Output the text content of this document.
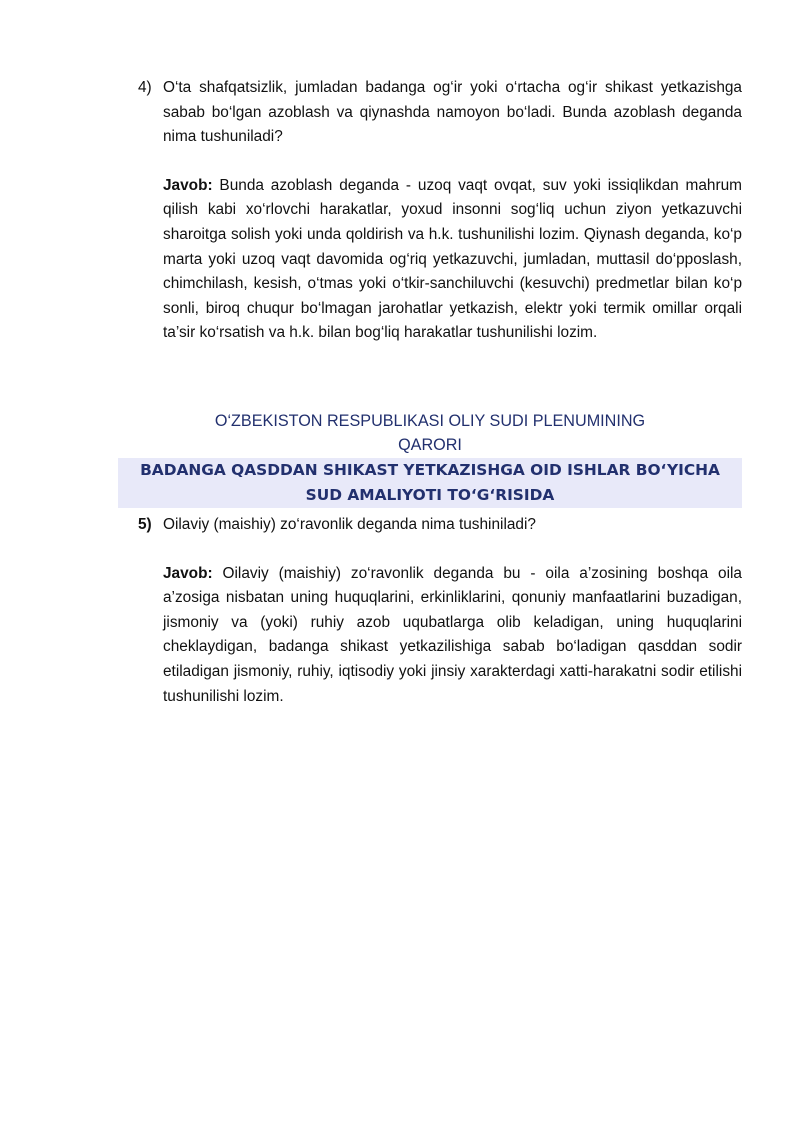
4) O‘ta shafqatsizlik, jumladan badanga og‘ir yoki o‘rtacha og‘ir shikast yetkazishga sabab bo‘lgan azoblash va qiynashda namoyon bo‘ladi. Bunda azoblash deganda nima tushuniladi?
Javob: Bunda azoblash deganda - uzoq vaqt ovqat, suv yoki issiqlikdan mahrum qilish kabi xo‘rlovchi harakatlar, yoxud insonni sog‘liq uchun ziyon yetkazuvchi sharoitga solish yoki unda qoldirish va h.k. tushunilishi lozim. Qiynash deganda, ko‘p marta yoki uzoq vaqt davomida og‘riq yetkazuvchi, jumladan, muttasil do‘pposlash, chimchilash, kesish, o‘tmas yoki o‘tkir-sanchiluvchi (kesuvchi) predmetlar bilan ko‘p sonli, biroq chuqur bo‘lmagan jarohatlar yetkazish, elektr yoki termik omillar orqali ta’sir ko‘rsatish va h.k. bilan bog‘liq harakatlar tushunilishi lozim.
O‘ZBEKISTON RESPUBLIKASI OLIY SUDI PLENUMINING
QARORI
BADANGA QASDDAN SHIKAST YETKAZISHGA OID ISHLAR BO‘YICHA
SUD AMALIYOTI TO‘G‘RISIDA
5) Oilaviy (maishiy) zo‘ravonlik deganda nima tushiniladi?
Javob: Oilaviy (maishiy) zo‘ravonlik deganda bu - oila a’zosining boshqa oila a’zosiga nisbatan uning huquqlarini, erkinliklarini, qonuniy manfaatlarini buzadigan, jismoniy va (yoki) ruhiy azob uqubatlarga olib keladigan, uning huquqlarini cheklaydigan, badanga shikast yetkazilishiga sabab bo‘ladigan qasddan sodir etiladigan jismoniy, ruhiy, iqtisodiy yoki jinsiy xarakterdagi xatti-harakatni sodir etilishi tushunilishi lozim.
